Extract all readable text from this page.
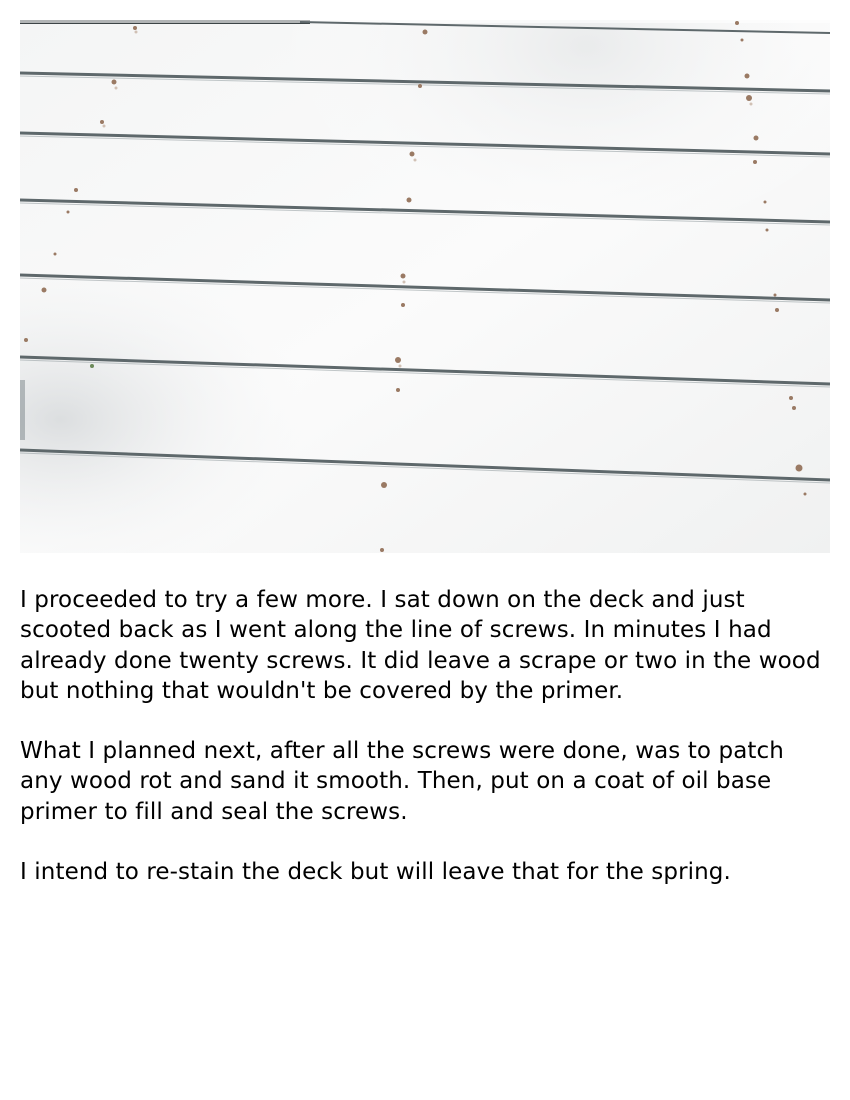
I proceeded to try a few more. I sat down on the deck and just scooted back as I went along the line of screws. In minutes I had already done twenty screws. It did leave a scrape or two in the wood but nothing that wouldn't be covered by the primer.

What I planned next, after all the screws were done, was to patch any wood rot and sand it smooth. Then, put on a coat of oil base primer to fill and seal the screws.

I intend to re-stain the deck but will leave that for the spring.
